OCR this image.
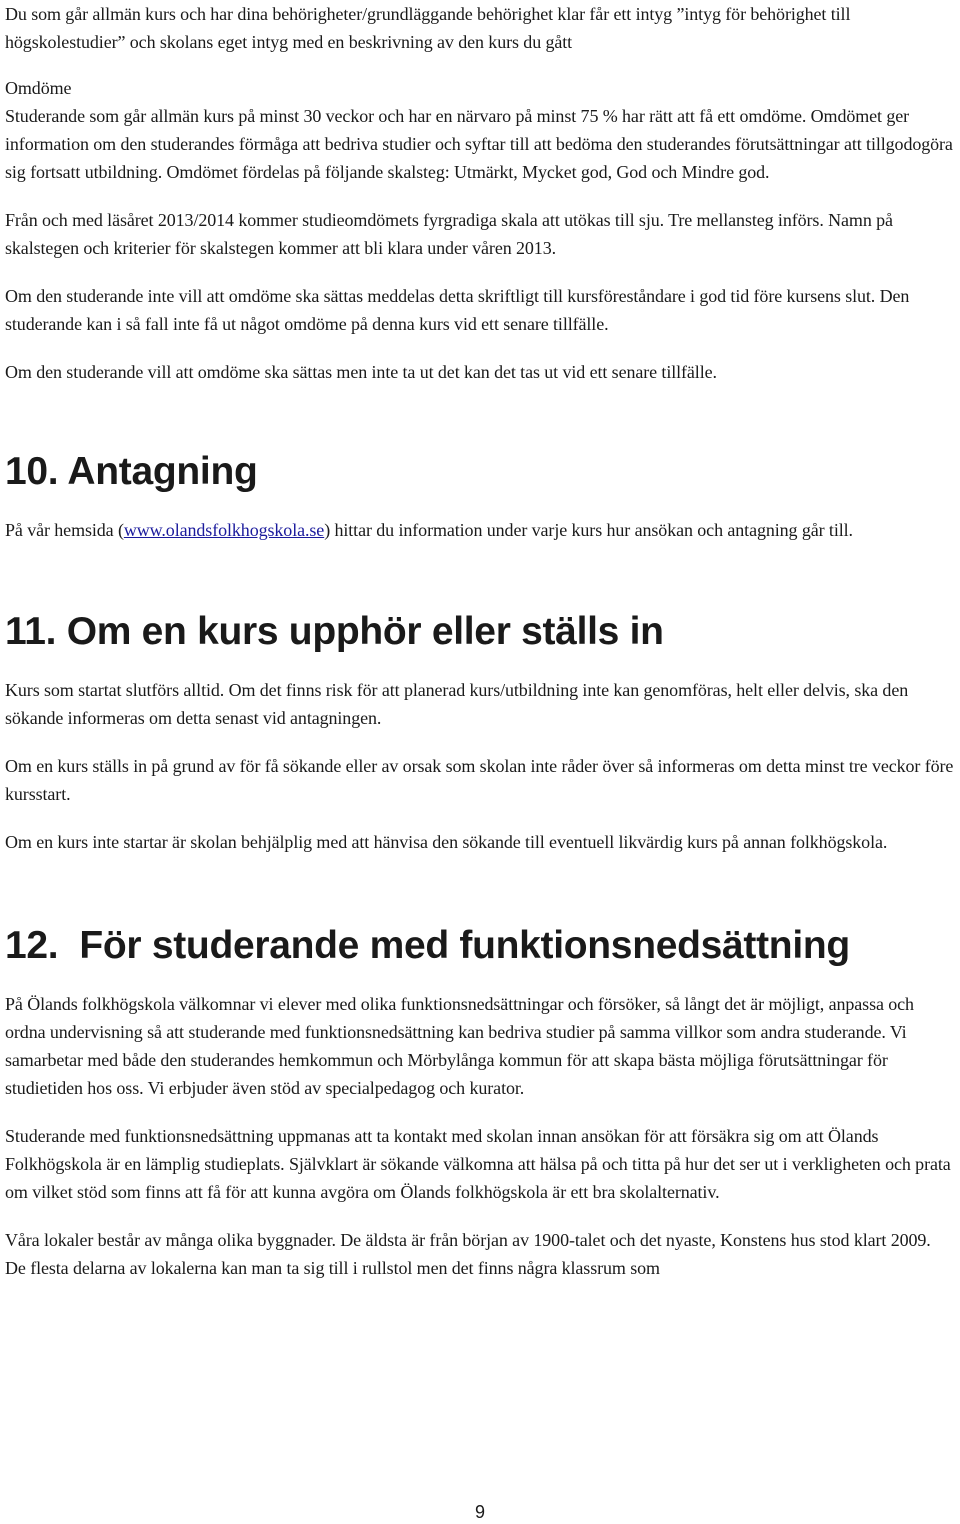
Du som går allmän kurs och har dina behörigheter/grundläggande behörighet klar får ett intyg ”intyg för behörighet till högskolestudier” och skolans eget intyg med en beskrivning av den kurs du gått

Omdöme

Studerande som går allmän kurs på minst 30 veckor och har en närvaro på minst 75 % har rätt att få ett omdöme. Omdömet ger information om den studerandes förmåga att bedriva studier och syftar till att bedöma den studerandes förutsättningar att tillgodogöra sig fortsatt utbildning. Omdömet fördelas på följande skalsteg: Utmärkt, Mycket god, God och Mindre god.

Från och med läsåret 2013/2014 kommer studieomdömets fyrgradiga skala att utökas till sju. Tre mellansteg införs. Namn på skalstegen och kriterier för skalstegen kommer att bli klara under våren 2013.

Om den studerande inte vill att omdöme ska sättas meddelas detta skriftligt till kursföreståndare i god tid före kursens slut. Den studerande kan i så fall inte få ut något omdöme på denna kurs vid ett senare tillfälle.

Om den studerande vill att omdöme ska sättas men inte ta ut det kan det tas ut vid ett senare tillfälle.

10. Antagning

På vår hemsida (www.olandsfolkhogskola.se) hittar du information under varje kurs hur ansökan och antagning går till.

11. Om en kurs upphör eller ställs in

Kurs som startat slutförs alltid. Om det finns risk för att planerad kurs/utbildning inte kan genomföras, helt eller delvis, ska den sökande informeras om detta senast vid antagningen.

Om en kurs ställs in på grund av för få sökande eller av orsak som skolan inte råder över så informeras om detta minst tre veckor före kursstart.

Om en kurs inte startar är skolan behjälplig med att hänvisa den sökande till eventuell likvärdig kurs på annan folkhögskola.

12.  För studerande med funktionsnedsättning

På Ölands folkhögskola välkomnar vi elever med olika funktionsnedsättningar och försöker, så långt det är möjligt, anpassa och ordna undervisning så att studerande med funktionsnedsättning kan bedriva studier på samma villkor som andra studerande. Vi samarbetar med både den studerandes hemkommun och Mörbylånga kommun för att skapa bästa möjliga förutsättningar för studietiden hos oss. Vi erbjuder även stöd av specialpedagog och kurator.

Studerande med funktionsnedsättning uppmanas att ta kontakt med skolan innan ansökan för att försäkra sig om att Ölands Folkhögskola är en lämplig studieplats. Självklart är sökande välkomna att hälsa på och titta på hur det ser ut i verkligheten och prata om vilket stöd som finns att få för att kunna avgöra om Ölands folkhögskola är ett bra skolalternativ.

Våra lokaler består av många olika byggnader. De äldsta är från början av 1900-talet och det nyaste, Konstens hus stod klart 2009. De flesta delarna av lokalerna kan man ta sig till i rullstol men det finns några klassrum som

9
